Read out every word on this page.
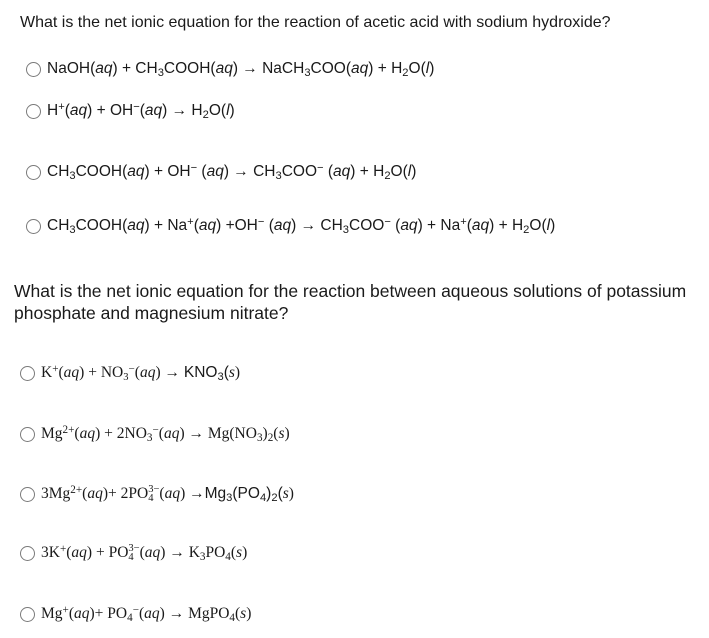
What is the net ionic equation for the reaction of acetic acid with sodium hydroxide?
NaOH(aq) + $CH_3COOH(aq)$ → NaCH$_3$COO(aq) + $H_2O(l)$
$H^+(aq) + OH^-(aq) \to H_2O(l)$
$CH_3COOH(aq) + OH^-$ $(aq) \to CH_3COO^-$ $(aq) + H_2O(l)$
$CH_3COOH(aq) + Na^+(aq) +OH^-$ $(aq) \to CH_3COO^-$ $(aq) + Na^+(aq) + H_2O(l)$
What is the net ionic equation for the reaction between aqueous solutions of potassium phosphate and magnesium nitrate?
K+(aq) + NO
3
$^-(aq) \to KNO_3(s)$
$Mg^{2+}(aq) + 2NO_3^-(aq) \to Mg(NO_3)_2(s)$
$3Mg^{2+}(aq)+ 2PO$ 3−
4 $(aq) \to Mg_3(PO_4)_2(s)$
3K+(aq) + PO 3−
4 $(aq) \to K_3PO_4(s)$
$Mg^+(aq)+ PO_4^-(aq)$ → MgPO$_4$(s)
